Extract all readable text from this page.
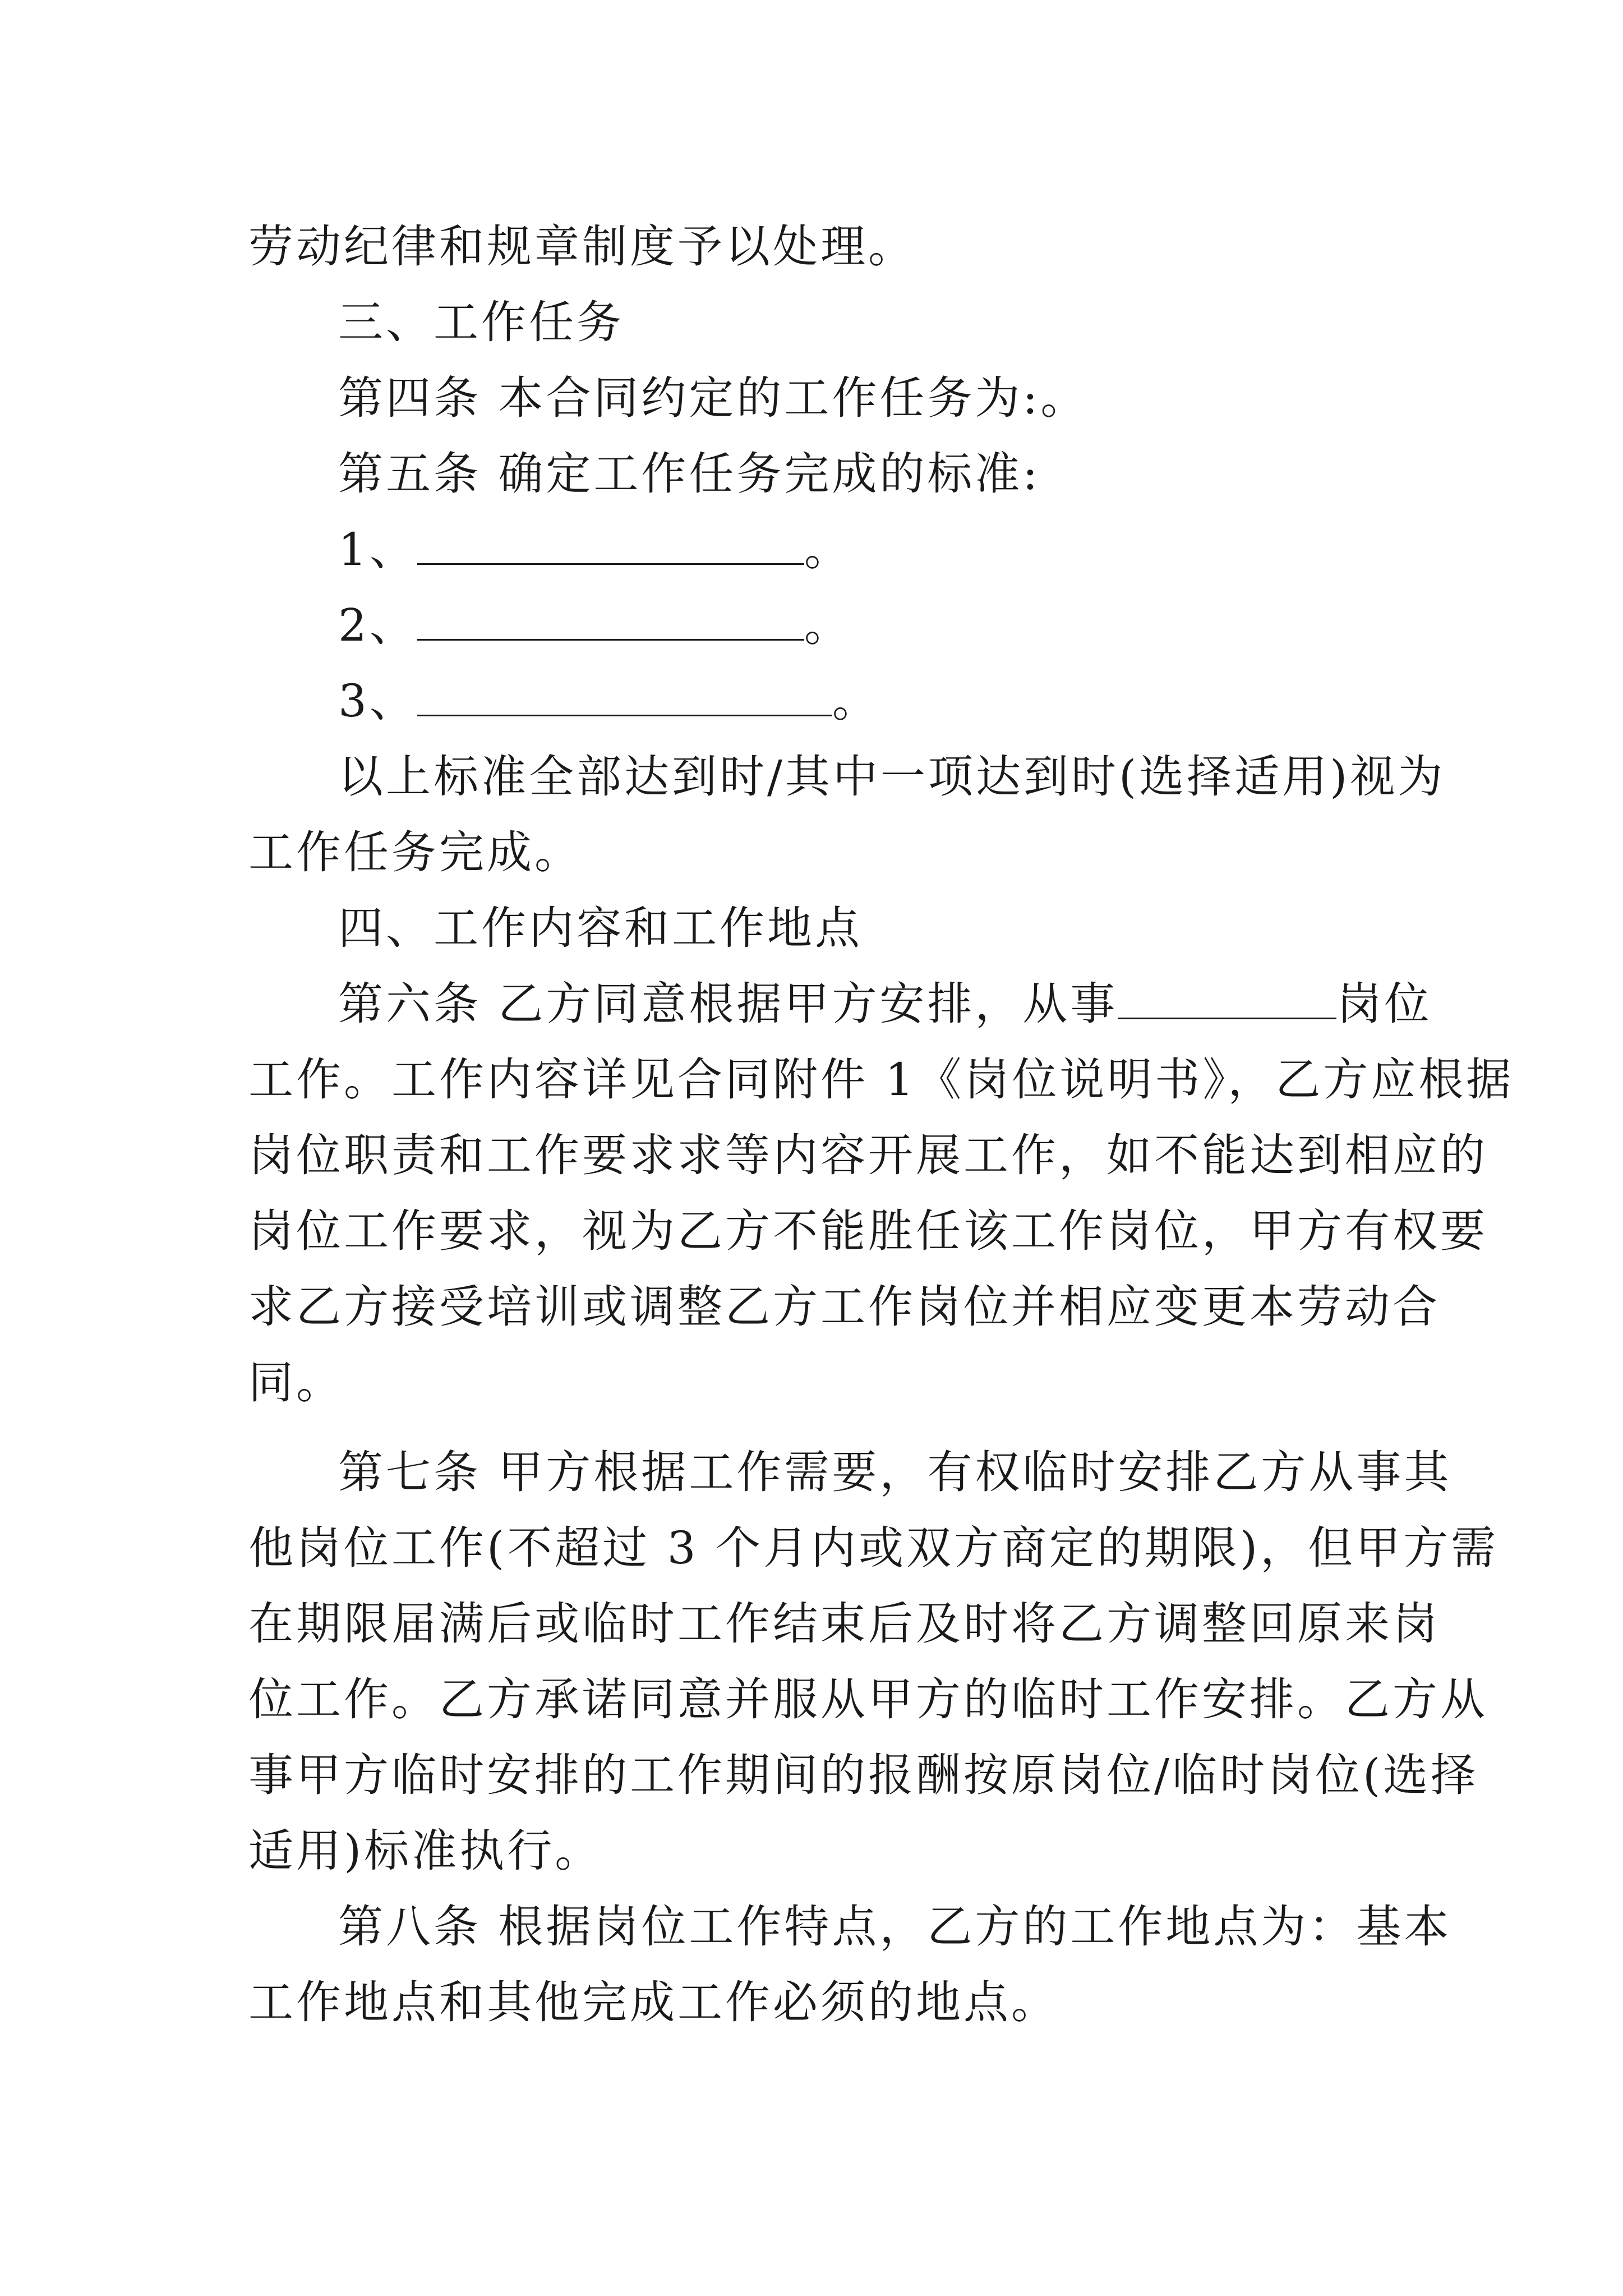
劳动纪律和规章制度予以处理。
三、工作任务
第四条 本合同约定的工作任务为:。
第五条 确定工作任务完成的标准:
1、	。
2、	。
3、	。
以上标准全部达到时/其中一项达到时(选择适用)视为
工作任务完成。
四、工作内容和工作地点
第六条 乙方同意根据甲方安排，从事	岗位
工作。工作内容详见合同附件 1《岗位说明书》，乙方应根据
岗位职责和工作要求求等内容开展工作，如不能达到相应的
岗位工作要求，视为乙方不能胜任该工作岗位，甲方有权要
求乙方接受培训或调整乙方工作岗位并相应变更本劳动合
同。
第七条 甲方根据工作需要，有权临时安排乙方从事其
他岗位工作(不超过 3 个月内或双方商定的期限)，但甲方需
在期限届满后或临时工作结束后及时将乙方调整回原来岗
位工作。乙方承诺同意并服从甲方的临时工作安排。乙方从
事甲方临时安排的工作期间的报酬按原岗位/临时岗位(选择
适用)标准执行。
第八条 根据岗位工作特点，乙方的工作地点为：基本
工作地点和其他完成工作必须的地点。
